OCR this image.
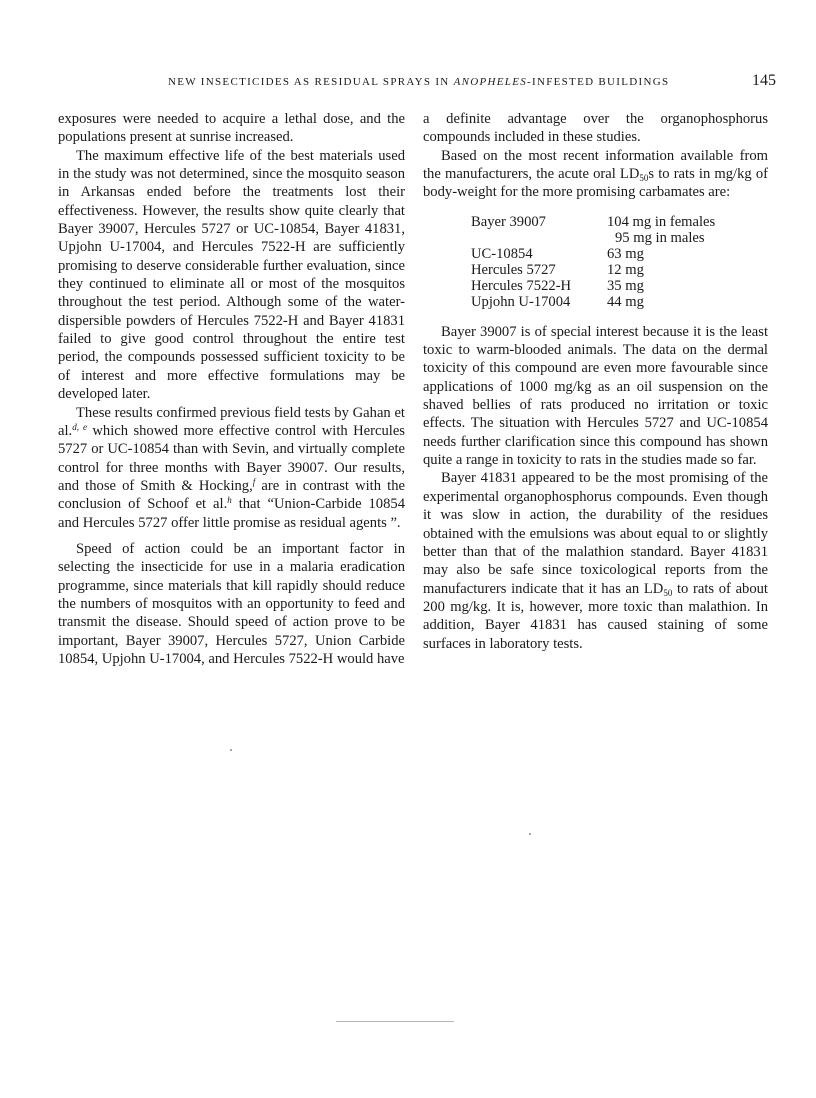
NEW INSECTICIDES AS RESIDUAL SPRAYS IN ANOPHELES-INFESTED BUILDINGS	145

exposures were needed to acquire a lethal dose, and the populations present at sunrise increased.

The maximum effective life of the best materials used in the study was not determined, since the mosquito season in Arkansas ended before the treatments lost their effectiveness. However, the results show quite clearly that Bayer 39007, Hercules 5727 or UC-10854, Bayer 41831, Upjohn U-17004, and Hercules 7522-H are sufficiently promising to deserve considerable further evaluation, since they continued to eliminate all or most of the mosquitos throughout the test period. Although some of the water-dispersible powders of Hercules 7522-H and Bayer 41831 failed to give good control throughout the entire test period, the compounds possessed sufficient toxicity to be of interest and more effective formulations may be developed later.

These results confirmed previous field tests by Gahan et al.$^{d, e}$ which showed more effective control with Hercules 5727 or UC-10854 than with Sevin, and virtually complete control for three months with Bayer 39007. Our results, and those of Smith & Hocking,$^f$ are in contrast with the conclusion of Schoof et al.$^h$ that “Union-Carbide 10854 and Hercules 5727 offer little promise as residual agents ”.

Speed of action could be an important factor in selecting the insecticide for use in a malaria eradication programme, since materials that kill rapidly should reduce the numbers of mosquitos with an opportunity to feed and transmit the disease. Should speed of action prove to be important, Bayer 39007, Hercules 5727, Union Carbide 10854, Upjohn U-17004, and Hercules 7522-H would have

a definite advantage over the organophosphorus compounds included in these studies.

Based on the most recent information available from the manufacturers, the acute oral $LD_{50}s$ to rats in mg/kg of body-weight for the more promising carbamates are:

Bayer 39007	104 mg in females
	95 mg in males
UC-10854	63 mg
Hercules 5727	12 mg
Hercules 7522-H	35 mg
Upjohn U-17004	44 mg

Bayer 39007 is of special interest because it is the least toxic to warm-blooded animals. The data on the dermal toxicity of this compound are even more favourable since applications of 1000 mg/kg as an oil suspension on the shaved bellies of rats produced no irritation or toxic effects. The situation with Hercules 5727 and UC-10854 needs further clarification since this compound has shown quite a range in toxicity to rats in the studies made so far.

Bayer 41831 appeared to be the most promising of the experimental organophosphorus compounds. Even though it was slow in action, the durability of the residues obtained with the emulsions was about equal to or slightly better than that of the malathion standard. Bayer 41831 may also be safe since toxicological reports from the manufacturers indicate that it has an $LD_{50}$ to rats of about 200 mg/kg. It is, however, more toxic than malathion. In addition, Bayer 41831 has caused staining of some surfaces in laboratory tests.
